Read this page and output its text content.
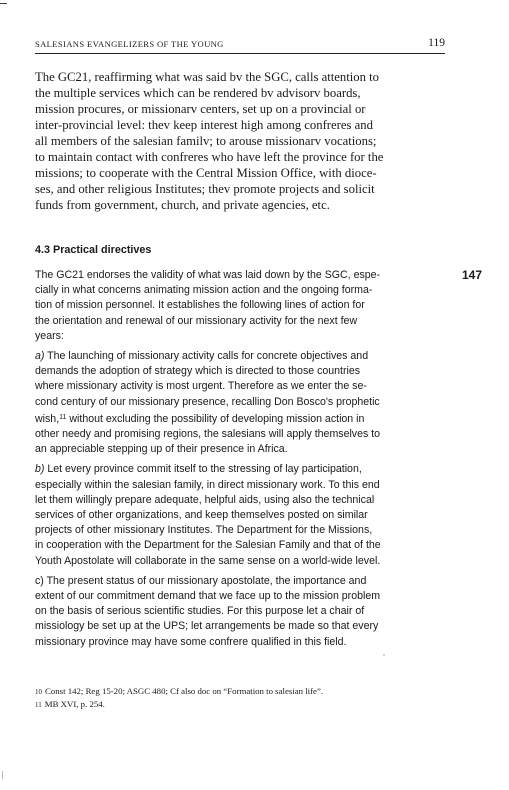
SALESIANS EVANGELIZERS OF THE YOUNG	119
The GC21, reaffirming what was said bv the SGC, calls attention to
the multiple services which can be rendered bv advisorv boards,
mission procures, or missionarv centers, set up on a provincial or
inter-provincial level: thev keep interest high among confreres and
all members of the salesian familv; to arouse missionarv vocations;
to maintain contact with confreres who have left the province for the
missions; to cooperate with the Central Mission Office, with dioce-
ses, and other religious Institutes; thev promote projects and solicit
funds from government, church, and private agencies, etc.
4.3 Practical directives
147
The GC21 endorses the validity of what was laid down by the SGC, espe-
cially in what concerns animating mission action and the ongoing forma-
tion of mission personnel. It establishes the following lines of action for
the orientation and renewal of our missionary activity for the next few
years:
a) The launching of missionary activity calls for concrete objectives and
demands the adoption of strategy which is directed to those countries
where missionary activity is most urgent. Therefore as we enter the se-
cond century of our missionary presence, recalling Don Bosco's prophetic
wish,$^{11}$ without excluding the possibility of developing mission action in
other needy and promising regions, the salesians will apply themselves to
an appreciable stepping up of their presence in Africa.
b) Let every province commit itself to the stressing of lay participation,
especially within the salesian family, in direct missionary work. To this end
let them willingly prepare adequate, helpful aids, using also the technical
services of other organizations, and keep themselves posted on similar
projects of other missionary Institutes. The Department for the Missions,
in cooperation with the Department for the Salesian Family and that of the
Youth Apostolate will collaborate in the same sense on a world-wide level.
c) The present status of our missionary apostolate, the importance and
extent of our commitment demand that we face up to the mission problem
on the basis of serious scientific studies. For this purpose let a chair of
missiology be set up at the UPS; let arrangements be made so that every
missionary province may have some confrere qualified in this field.
10 Const 142; Reg 15-20; ASGC 480; Cf also doc on “Formation to salesian life”.
11 MB XVI, p. 254.
